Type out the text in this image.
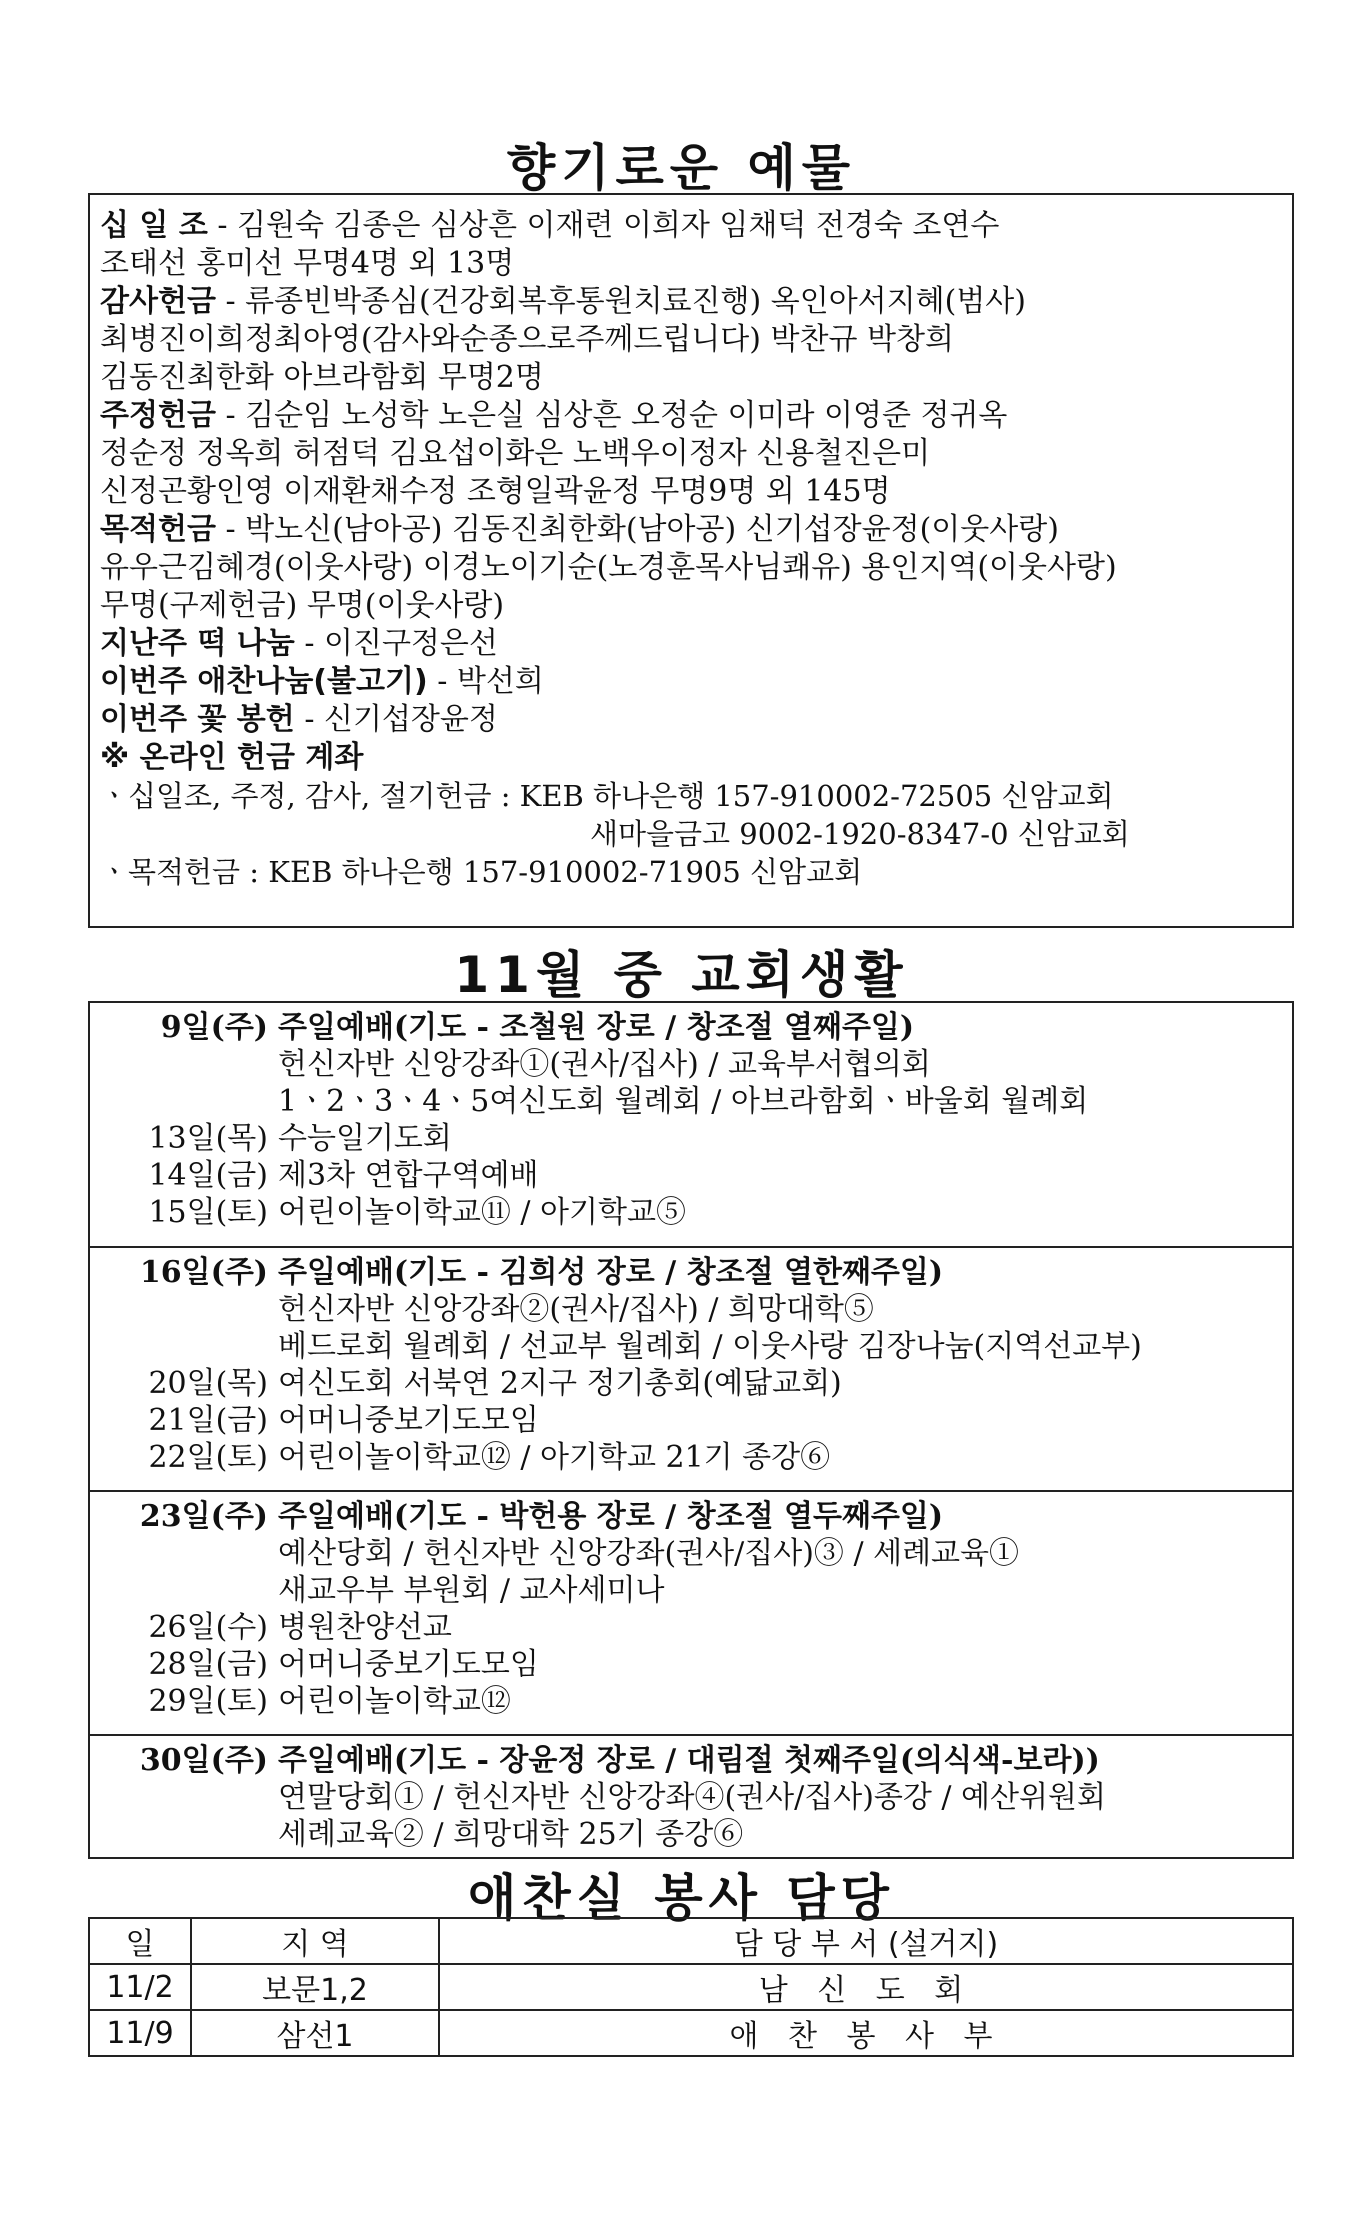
향기로운 예물
십 일 조 - 김원숙 김종은 심상흔 이재련 이희자 임채덕 전경숙 조연수
조태선 홍미선 무명4명 외 13명
감사헌금 - 류종빈박종심(건강회복후통원치료진행) 옥인아서지혜(범사)
최병진이희정최아영(감사와순종으로주께드립니다) 박찬규 박창희
김동진최한화 아브라함회 무명2명
주정헌금 - 김순임 노성학 노은실 심상흔 오정순 이미라 이영준 정귀옥
정순정 정옥희 허점덕 김요섭이화은 노백우이정자 신용철진은미
신정곤황인영 이재환채수정 조형일곽윤정 무명9명 외 145명
목적헌금 - 박노신(남아공) 김동진최한화(남아공) 신기섭장윤정(이웃사랑)
유우근김혜경(이웃사랑) 이경노이기순(노경훈목사님쾌유) 용인지역(이웃사랑)
무명(구제헌금) 무명(이웃사랑)
지난주 떡 나눔 - 이진구정은선
이번주 애찬나눔(불고기) - 박선희
이번주 꽃 봉헌 - 신기섭장윤정
※ 온라인 헌금 계좌
ㆍ십일조, 주정, 감사, 절기헌금 : KEB 하나은행 157-910002-72505 신암교회
새마을금고 9002-1920-8347-0 신암교회
ㆍ목적헌금 : KEB 하나은행 157-910002-71905 신암교회
11월 중 교회생활
9일(주) 주일예배(기도 - 조철원 장로 / 창조절 열째주일)
헌신자반 신앙강좌①(권사/집사) / 교육부서협의회
1ㆍ2ㆍ3ㆍ4ㆍ5여신도회 월례회 / 아브라함회ㆍ바울회 월례회
13일(목) 수능일기도회
14일(금) 제3차 연합구역예배
15일(토) 어린이놀이학교⑪ / 아기학교⑤
16일(주) 주일예배(기도 - 김희성 장로 / 창조절 열한째주일)
헌신자반 신앙강좌②(권사/집사) / 희망대학⑤
베드로회 월례회 / 선교부 월례회 / 이웃사랑 김장나눔(지역선교부)
20일(목) 여신도회 서북연 2지구 정기총회(예닮교회)
21일(금) 어머니중보기도모임
22일(토) 어린이놀이학교⑫ / 아기학교 21기 종강⑥
23일(주) 주일예배(기도 - 박헌용 장로 / 창조절 열두째주일)
예산당회 / 헌신자반 신앙강좌(권사/집사)③ / 세례교육①
새교우부 부원회 / 교사세미나
26일(수) 병원찬양선교
28일(금) 어머니중보기도모임
29일(토) 어린이놀이학교⑫
30일(주) 주일예배(기도 - 장윤정 장로 / 대림절 첫째주일(의식색-보라))
연말당회① / 헌신자반 신앙강좌④(권사/집사)종강 / 예산위원회
세례교육② / 희망대학 25기 종강⑥
애찬실 봉사 담당
일	지 역	담 당 부 서 (설거지)
11/2	보문1,2	남 신 도 회
11/9	삼선1	애 찬 봉 사 부
